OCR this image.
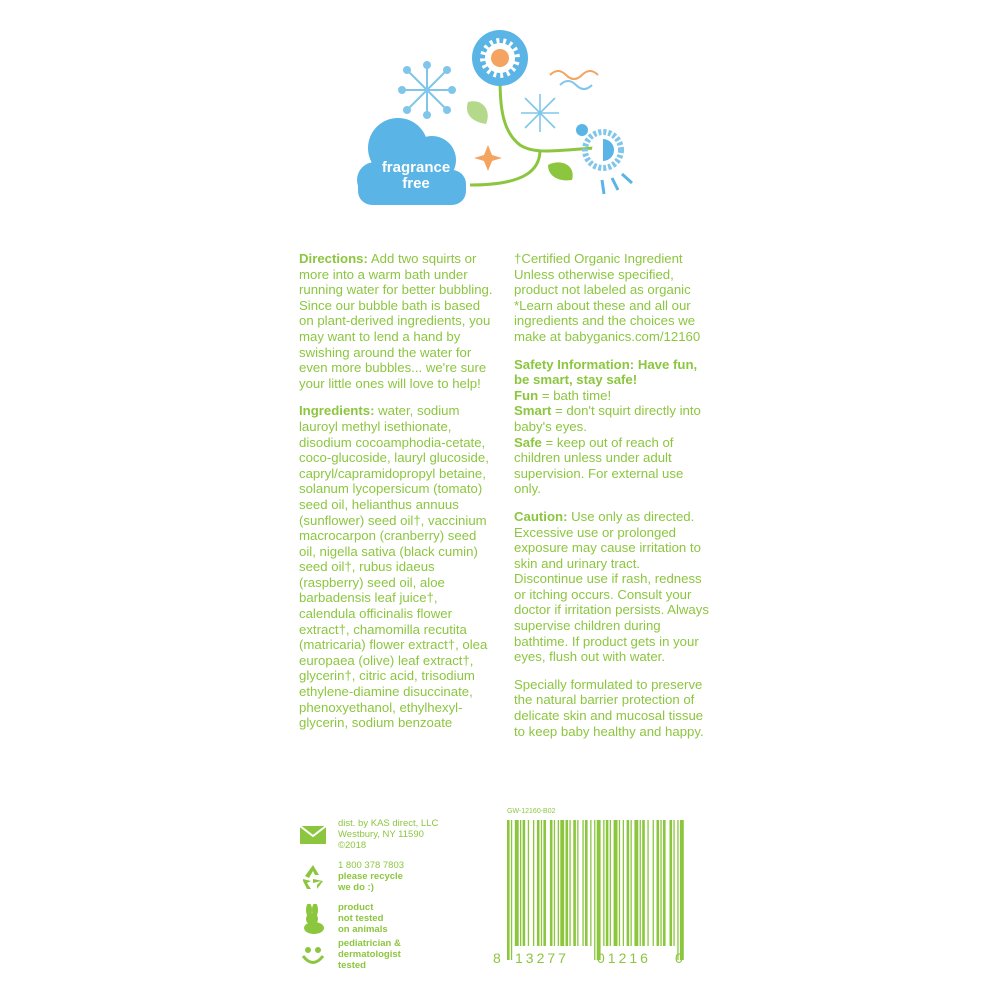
fragrance free

Directions: Add two squirts or more into a warm bath under running water for better bubbling. Since our bubble bath is based on plant-derived ingredients, you may want to lend a hand by swishing around the water for even more bubbles... we're sure your little ones will love to help!

Ingredients: water, sodium lauroyl methyl isethionate, disodium cocoamphodia-cetate, coco-glucoside, lauryl glucoside, capryl/capramidopropyl betaine, solanum lycopersicum (tomato) seed oil, helianthus annuus (sunflower) seed oil†, vaccinium macrocarpon (cranberry) seed oil, nigella sativa (black cumin) seed oil†, rubus idaeus (raspberry) seed oil, aloe barbadensis leaf juice†, calendula officinalis flower extract†, chamomilla recutita (matricaria) flower extract†, olea europaea (olive) leaf extract†, glycerin†, citric acid, trisodium ethylene-diamine disuccinate, phenoxyethanol, ethylhexyl-glycerin, sodium benzoate

†Certified Organic Ingredient Unless otherwise specified, product not labeled as organic

*Learn about these and all our ingredients and the choices we make at babyganics.com/12160

Safety Information: Have fun, be smart, stay safe!
Fun = bath time!
Smart = don't squirt directly into baby's eyes.
Safe = keep out of reach of children unless under adult supervision. For external use only.

Caution: Use only as directed. Excessive use or prolonged exposure may cause irritation to skin and urinary tract. Discontinue use if rash, redness or itching occurs. Consult your doctor if irritation persists. Always supervise children during bathtime. If product gets in your eyes, flush out with water.

Specially formulated to preserve the natural barrier protection of delicate skin and mucosal tissue to keep baby healthy and happy.

dist. by KAS direct, LLC
Westbury, NY 11590
©2018
1 800 378 7803
please recycle
we do :)
product
not tested
on animals
pediatrician &
dermatologist
tested
GW-12160-B02
8 13277 01216 0
